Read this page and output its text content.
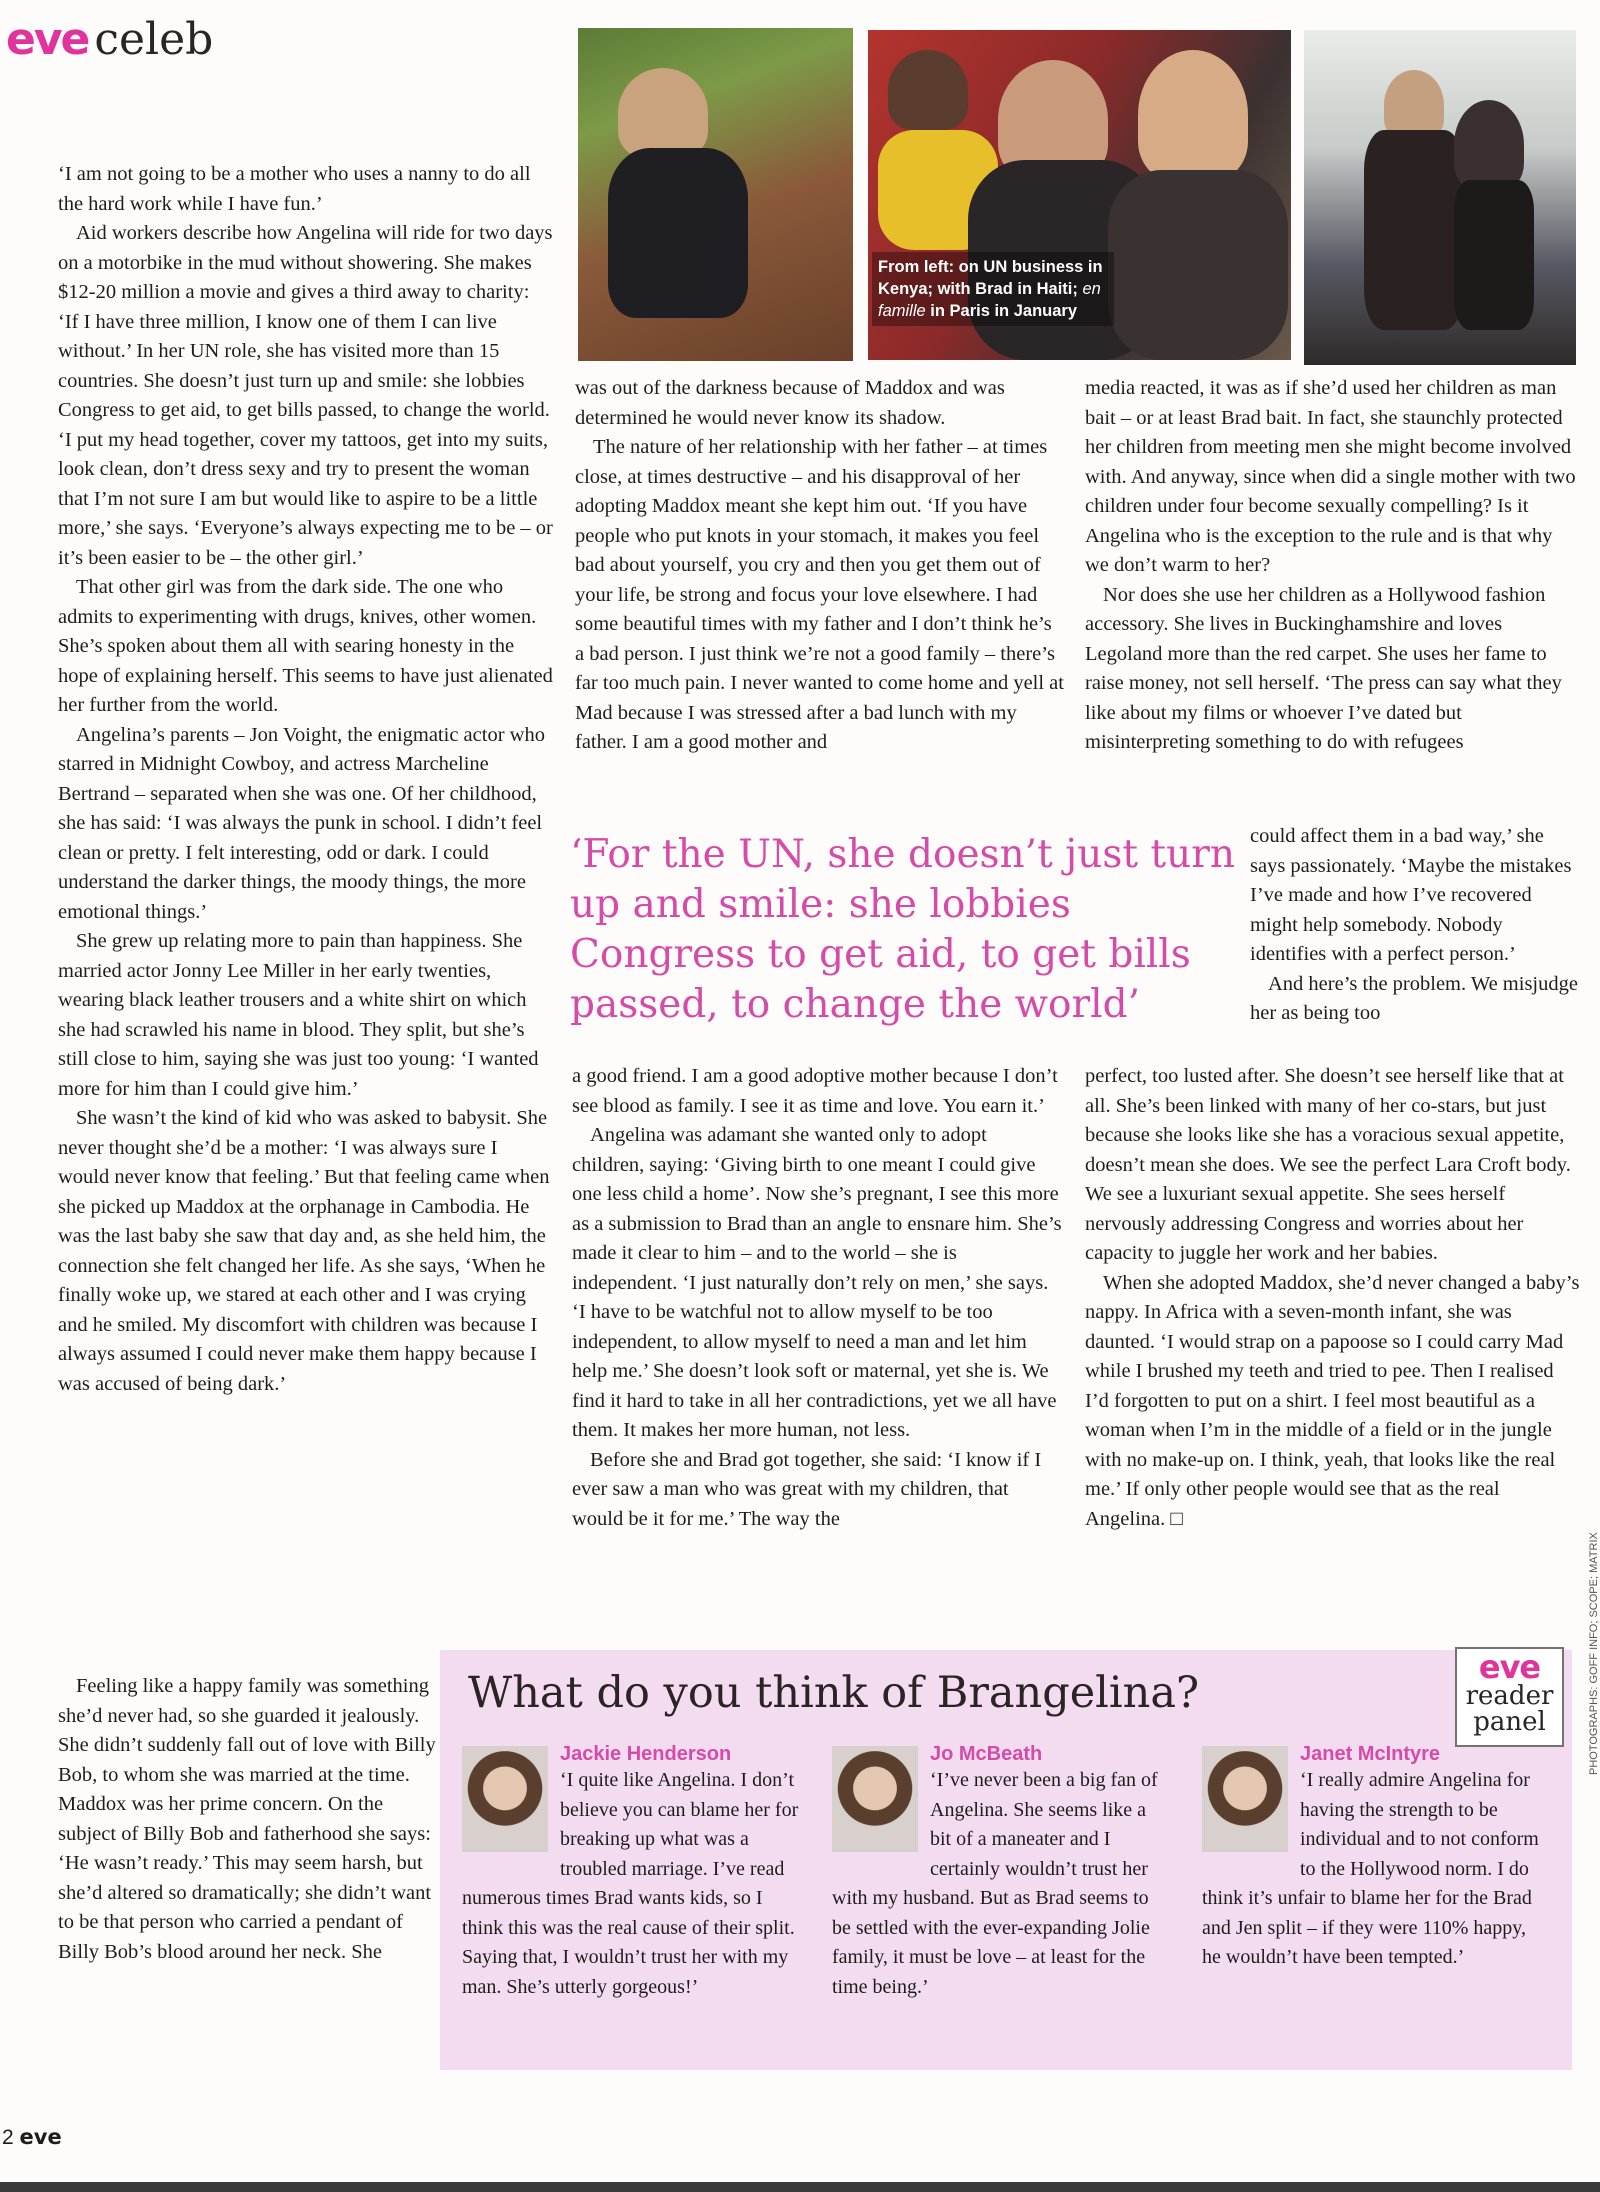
eve celeb
From left: on UN business in Kenya; with Brad in Haiti; en famille in Paris in January

‘I am not going to be a mother who uses a nanny to do all the hard work while I have fun.’

Aid workers describe how Angelina will ride for two days on a motorbike in the mud without showering. She makes $12-20 million a movie and gives a third away to charity: ‘If I have three million, I know one of them I can live without.’ In her UN role, she has visited more than 15 countries. She doesn’t just turn up and smile: she lobbies Congress to get aid, to get bills passed, to change the world. ‘I put my head together, cover my tattoos, get into my suits, look clean, don’t dress sexy and try to present the woman that I’m not sure I am but would like to aspire to be a little more,’ she says. ‘Everyone’s always expecting me to be – or it’s been easier to be – the other girl.’

That other girl was from the dark side. The one who admits to experimenting with drugs, knives, other women. She’s spoken about them all with searing honesty in the hope of explaining herself. This seems to have just alienated her further from the world.

Angelina’s parents – Jon Voight, the enigmatic actor who starred in Midnight Cowboy, and actress Marcheline Bertrand – separated when she was one. Of her childhood, she has said: ‘I was always the punk in school. I didn’t feel clean or pretty. I felt interesting, odd or dark. I could understand the darker things, the moody things, the more emotional things.’

She grew up relating more to pain than happiness. She married actor Jonny Lee Miller in her early twenties, wearing black leather trousers and a white shirt on which she had scrawled his name in blood. They split, but she’s still close to him, saying she was just too young: ‘I wanted more for him than I could give him.’

She wasn’t the kind of kid who was asked to babysit. She never thought she’d be a mother: ‘I was always sure I would never know that feeling.’ But that feeling came when she picked up Maddox at the orphanage in Cambodia. He was the last baby she saw that day and, as she held him, the connection she felt changed her life. As she says, ‘When he finally woke up, we stared at each other and I was crying and he smiled. My discomfort with children was because I always assumed I could never make them happy because I was accused of being dark.’

Feeling like a happy family was something she’d never had, so she guarded it jealously. She didn’t suddenly fall out of love with Billy Bob, to whom she was married at the time. Maddox was her prime concern. On the subject of Billy Bob and fatherhood she says: ‘He wasn’t ready.’ This may seem harsh, but she’d altered so dramatically; she didn’t want to be that person who carried a pendant of Billy Bob’s blood around her neck. She

was out of the darkness because of Maddox and was determined he would never know its shadow.

The nature of her relationship with her father – at times close, at times destructive – and his disapproval of her adopting Maddox meant she kept him out. ‘If you have people who put knots in your stomach, it makes you feel bad about yourself, you cry and then you get them out of your life, be strong and focus your love elsewhere. I had some beautiful times with my father and I don’t think he’s a bad person. I just think we’re not a good family – there’s far too much pain. I never wanted to come home and yell at Mad because I was stressed after a bad lunch with my father. I am a good mother and

‘For the UN, she doesn’t just turn up and smile: she lobbies Congress to get aid, to get bills passed, to change the world’

a good friend. I am a good adoptive mother because I don’t see blood as family. I see it as time and love. You earn it.’

Angelina was adamant she wanted only to adopt children, saying: ‘Giving birth to one meant I could give one less child a home’. Now she’s pregnant, I see this more as a submission to Brad than an angle to ensnare him. She’s made it clear to him – and to the world – she is independent. ‘I just naturally don’t rely on men,’ she says. ‘I have to be watchful not to allow myself to be too independent, to allow myself to need a man and let him help me.’ She doesn’t look soft or maternal, yet she is. We find it hard to take in all her contradictions, yet we all have them. It makes her more human, not less.

Before she and Brad got together, she said: ‘I know if I ever saw a man who was great with my children, that would be it for me.’ The way the

media reacted, it was as if she’d used her children as man bait – or at least Brad bait. In fact, she staunchly protected her children from meeting men she might become involved with. And anyway, since when did a single mother with two children under four become sexually compelling? Is it Angelina who is the exception to the rule and is that why we don’t warm to her?

Nor does she use her children as a Hollywood fashion accessory. She lives in Buckinghamshire and loves Legoland more than the red carpet. She uses her fame to raise money, not sell herself. ‘The press can say what they like about my films or whoever I’ve dated but misinterpreting something to do with refugees

could affect them in a bad way,’ she says passionately. ‘Maybe the mistakes I’ve made and how I’ve recovered might help somebody. Nobody identifies with a perfect person.’

And here’s the problem. We misjudge her as being too

perfect, too lusted after. She doesn’t see herself like that at all. She’s been linked with many of her co-stars, but just because she looks like she has a voracious sexual appetite, doesn’t mean she does. We see the perfect Lara Croft body. We see a luxuriant sexual appetite. She sees herself nervously addressing Congress and worries about her capacity to juggle her work and her babies.

When she adopted Maddox, she’d never changed a baby’s nappy. In Africa with a seven-month infant, she was daunted. ‘I would strap on a papoose so I could carry Mad while I brushed my teeth and tried to pee. Then I realised I’d forgotten to put on a shirt. I feel most beautiful as a woman when I’m in the middle of a field or in the jungle with no make-up on. I think, yeah, that looks like the real me.’ If only other people would see that as the real Angelina. □

What do you think of Brangelina?
eve
reader
panel
Jackie Henderson
‘I quite like Angelina. I don’t believe you can blame her for breaking up what was a troubled marriage. I’ve read numerous times Brad wants kids, so I think this was the real cause of their split. Saying that, I wouldn’t trust her with my man. She’s utterly gorgeous!’
Jo McBeath
‘I’ve never been a big fan of Angelina. She seems like a bit of a maneater and I certainly wouldn’t trust her with my husband. But as Brad seems to be settled with the ever-expanding Jolie family, it must be love – at least for the time being.’
Janet McIntyre
‘I really admire Angelina for having the strength to be individual and to not conform to the Hollywood norm. I do think it’s unfair to blame her for the Brad and Jen split – if they were 110% happy, he wouldn’t have been tempted.’
PHOTOGRAPHS: GOFF INFO; SCOPE; MATRIX
2 eve
